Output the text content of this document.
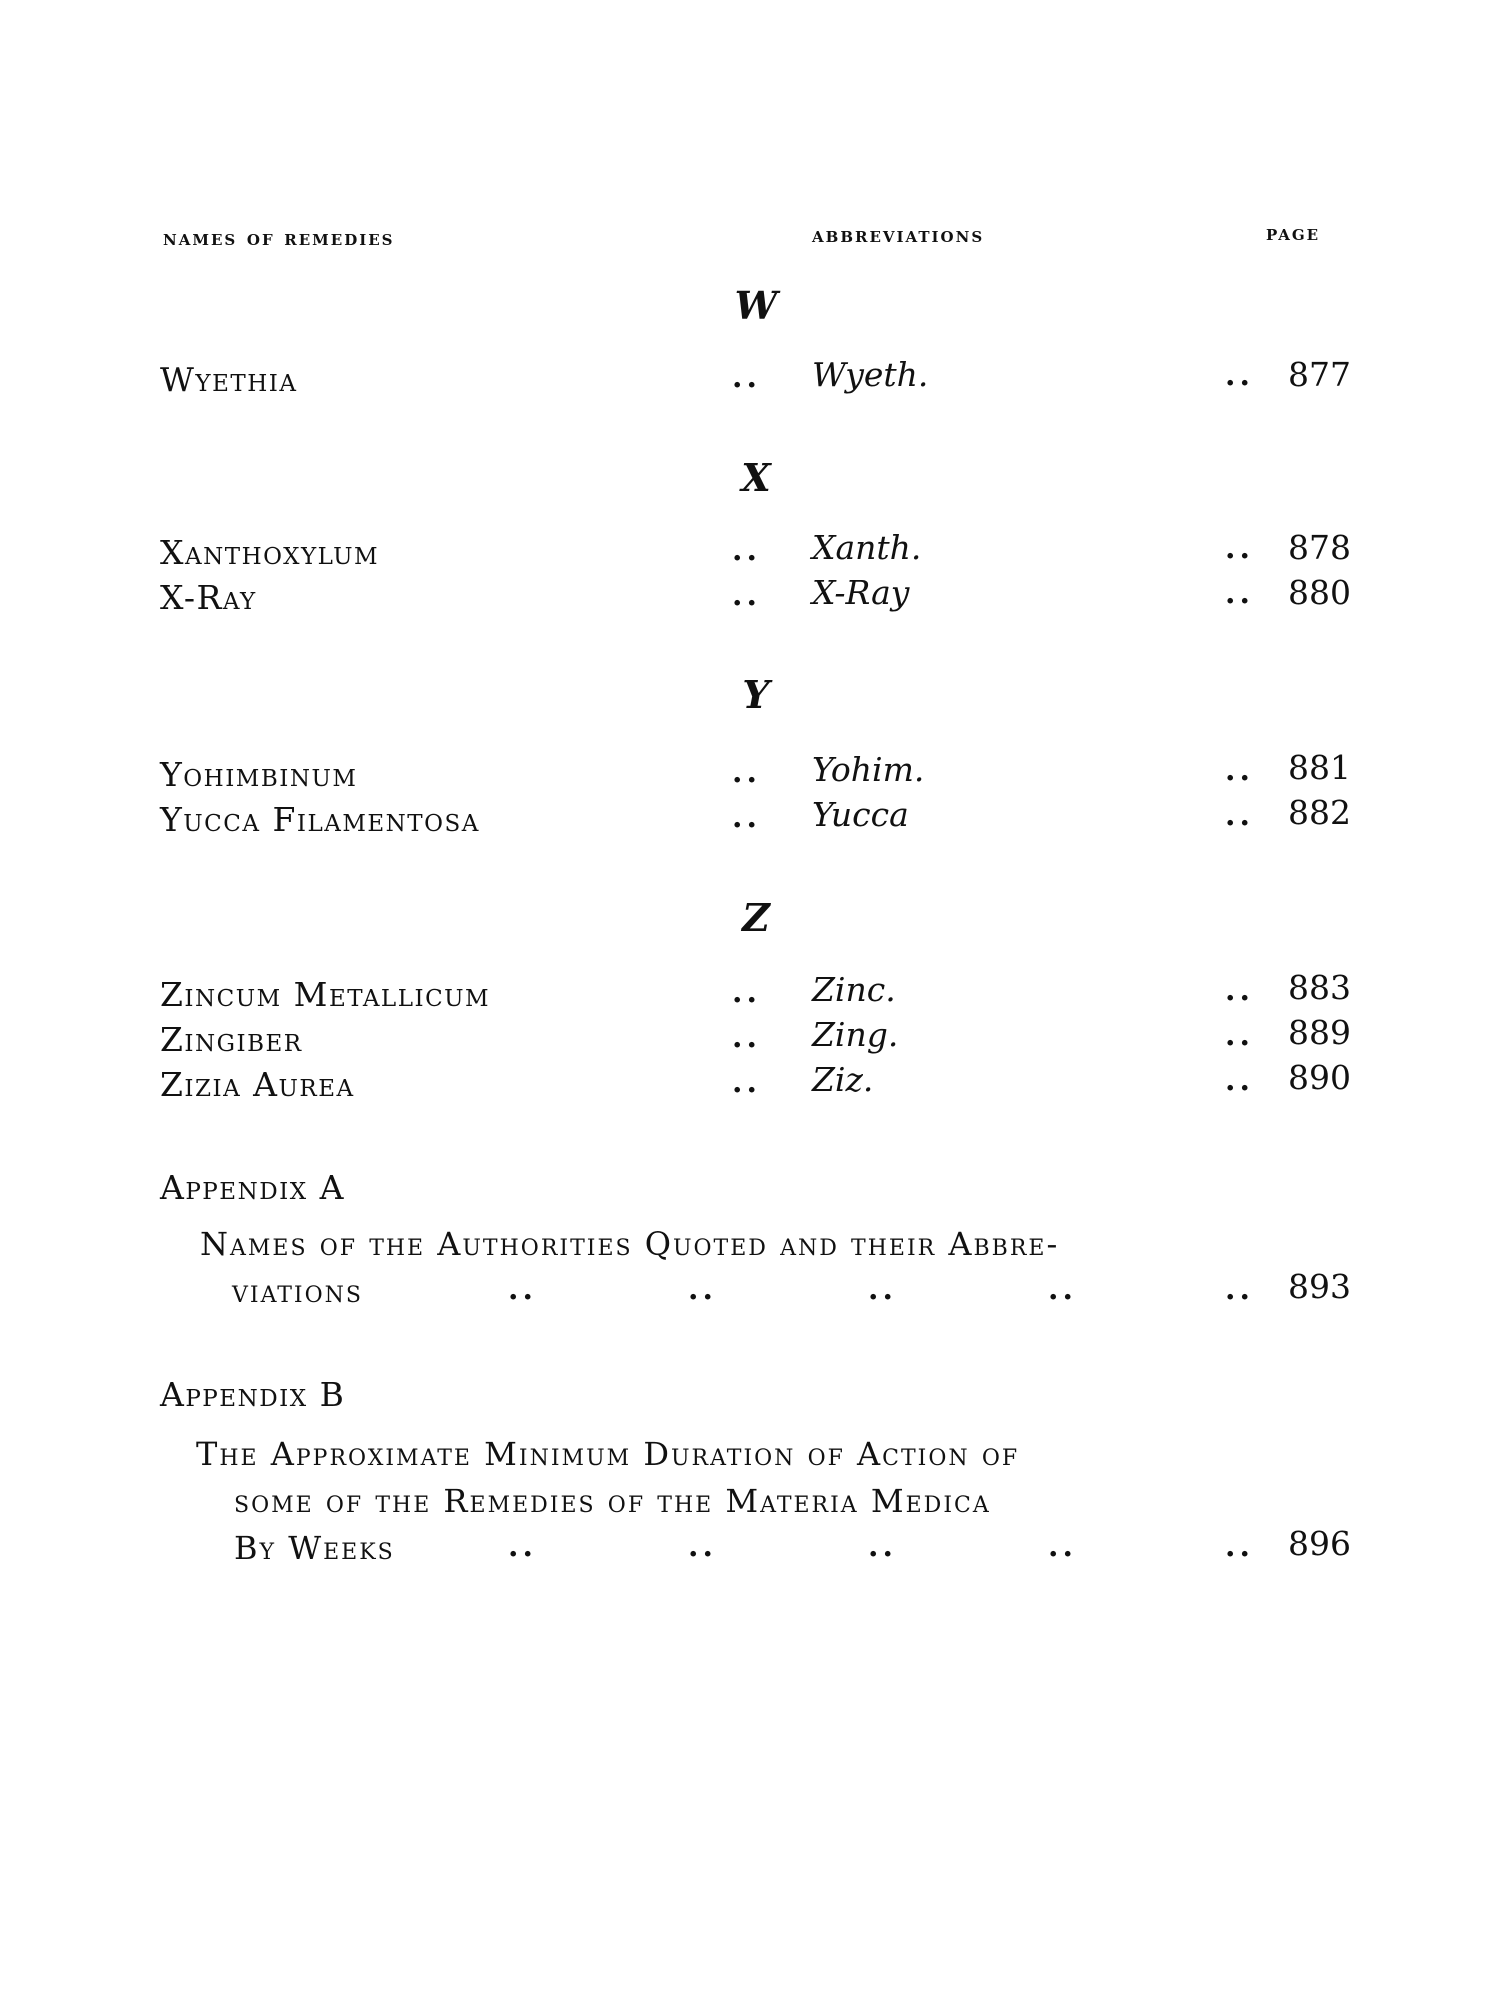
names of remedies	abbreviations	page
W
Wyethia	.. Wyeth.	.. 877
X
Xanthoxylum	.. Xanth.	.. 878
X-Ray	.. X-Ray	.. 880
Y
Yohimbinum	.. Yohim.	.. 881
Yucca Filamentosa	.. Yucca	.. 882
Z
Zincum Metallicum	.. Zinc.	.. 883
Zingiber	.. Zing.	.. 889
Zizia Aurea	.. Ziz.	.. 890
Appendix A
Names of the Authorities Quoted and their Abbre-
viations	..	..	..	..	.. 893
Appendix B
The Approximate Minimum Duration of Action of
some of the Remedies of the Materia Medica
By Weeks	..	..	..	..	.. 896
